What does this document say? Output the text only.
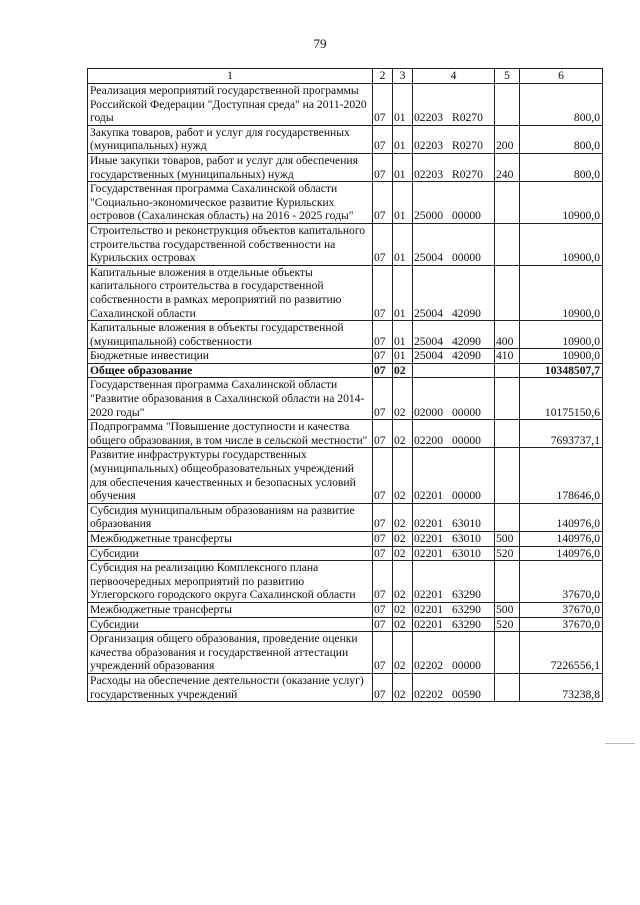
79
1	2	3	4	5	6
Реализация мероприятий государственной программы Российской Федерации "Доступная среда" на 2011-2020 годы	07	01	02203 R0270		800,0
Закупка товаров, работ и услуг для государственных (муниципальных) нужд	07	01	02203 R0270	200	800,0
Иные закупки товаров, работ и услуг для обеспечения государственных (муниципальных) нужд	07	01	02203 R0270	240	800,0
Государственная программа Сахалинской области "Социально-экономическое развитие Курильских островов (Сахалинская область) на 2016 - 2025 годы"	07	01	25000 00000		10900,0
Строительство и реконструкция объектов капитального строительства государственной собственности на Курильских островах	07	01	25004 00000		10900,0
Капитальные вложения в отдельные объекты капитального строительства в государственной собственности в рамках мероприятий по развитию Сахалинской области	07	01	25004 42090		10900,0
Капитальные вложения в объекты государственной (муниципальной) собственности	07	01	25004 42090	400	10900,0
Бюджетные инвестиции	07	01	25004 42090	410	10900,0
Общее образование	07	02			10348507,7
Государственная программа Сахалинской области "Развитие образования в Сахалинской области на 2014-2020 годы"	07	02	02000 00000		10175150,6
Подпрограмма "Повышение доступности и качества общего образования, в том числе в сельской местности"	07	02	02200 00000		7693737,1
Развитие инфраструктуры государственных (муниципальных) общеобразовательных учреждений для обеспечения качественных и безопасных условий обучения	07	02	02201 00000		178646,0
Субсидия муниципальным образованиям на развитие образования	07	02	02201 63010		140976,0
Межбюджетные трансферты	07	02	02201 63010	500	140976,0
Субсидии	07	02	02201 63010	520	140976,0
Субсидия на реализацию Комплексного плана первоочередных мероприятий по развитию Углегорского городского округа Сахалинской области	07	02	02201 63290		37670,0
Межбюджетные трансферты	07	02	02201 63290	500	37670,0
Субсидии	07	02	02201 63290	520	37670,0
Организация общего образования, проведение оценки качества образования и государственной аттестации учреждений образования	07	02	02202 00000		7226556,1
Расходы на обеспечение деятельности (оказание услуг) государственных учреждений	07	02	02202 00590		73238,8
